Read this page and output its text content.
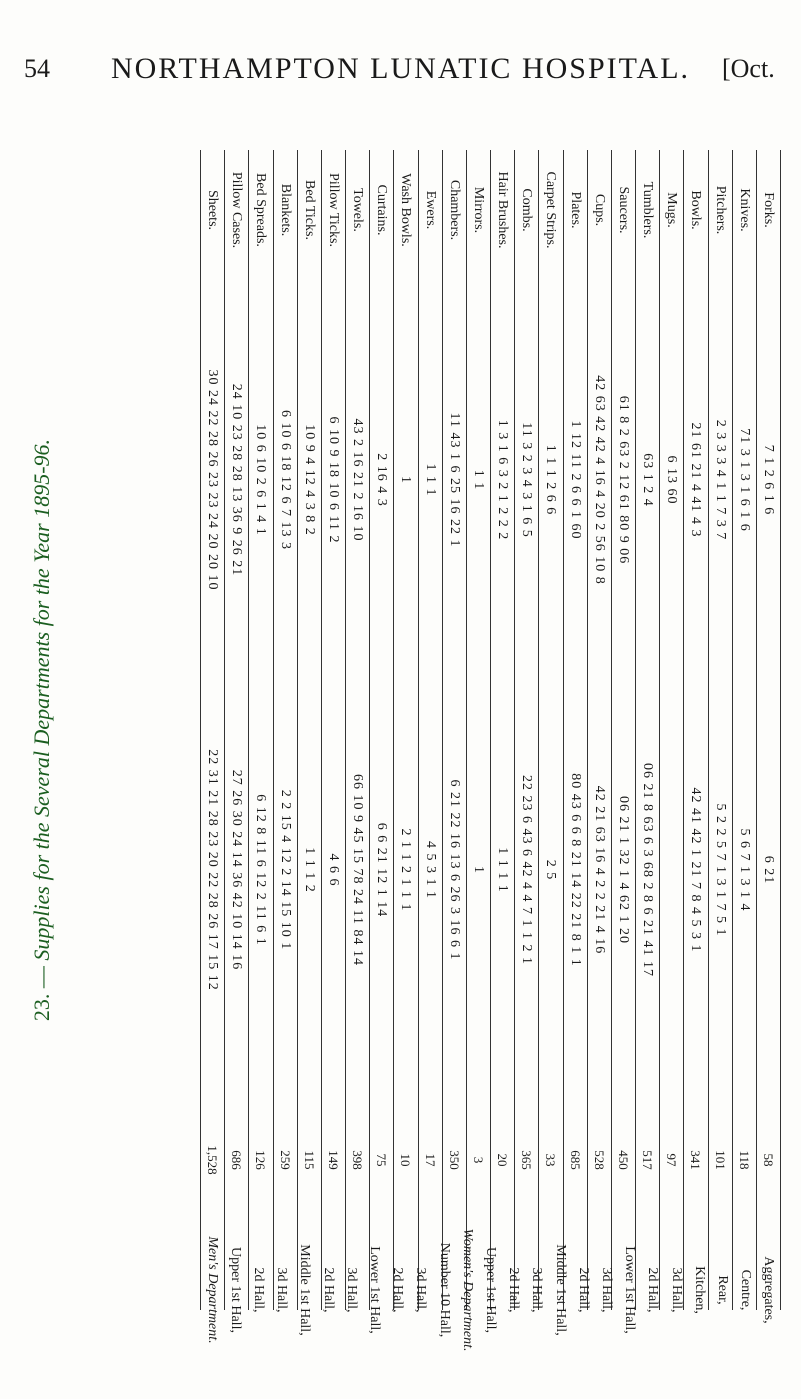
54	NORTHAMPTON LUNATIC HOSPITAL.	[Oct.
23. — Supplies for the Several Departments for the Year 1895-96.
Sheets.
30 24 22 28 26 23 23 24 20 20 10
22 31 21 28 23 20 22 28 26 17 15 12
1,528
Pillow Cases.
24 10 23 28 28 13 36 9 26 21
27 26 30 24 14 36 42 10 14 16
686
Bed Spreads.
10 6 10 2 6 1 4 1
6 12 8 11 6 12 2 11 6 1
126
Blankets.
6 10 6 18 12 6 7 13 3
2 2 15 4 12 2 14 15 10 1
259
Bed Ticks.
10 9 4 12 4 3 8 2
1 1 1 2
115
Pillow Ticks.
6 10 9 18 10 6 11 2
4 6 6
149
Towels.
43 2 16 21 2 16 10
66 10 9 45 15 78 24 11 84 14
398
Curtains.
2 16 4 3
6 6 21 12 1 14
75
Wash Bowls.
1
2 1 1 2 1 1 1
10
Ewers.
1 1 1
4 5 3 1 1
17
Chambers.
11 43 1 6 25 16 22 1
6 21 22 16 13 6 26 3 16 6 1
350
Mirrors.
1 1
1
3
Hair Brushes.
1 3 1 6 3 2 1 2 2 2
1 1 1 1
20
Combs.
11 3 2 3 4 3 1 6 5
22 23 6 43 6 42 4 4 7 1 1 2 1
365
Carpet Strips.
1 1 1 2 6 6
2 5
33
Plates.
1 12 11 2 6 6 1 60
80 43 6 6 8 21 14 22 21 8 1 1
685
Cups.
42 63 42 42 4 16 4 20 2 56 10 8
42 21 63 16 4 2 2 21 4 16
528
Saucers.
61 8 2 63 2 12 61 80 9 06
06 21 1 32 1 4 62 1 20
450
Tumblers.
63 1 2 4
06 21 8 63 6 3 68 2 8 6 21 41 17
517
Mugs.
6 13 60
97
Bowls.
21 61 21 4 41 4 3
42 41 42 1 21 7 8 4 5 3 1
341
Pitchers.
2 3 3 3 4 1 1 7 3 7
5 2 2 5 7 1 3 1 7 5 1
101
Knives.
71 3 1 3 1 6 1 6
5 6 7 1 3 1 4
118
Forks.
7 1 2 6 1 6
6 21
58
Men's Department. Upper 1st Hall, 2d Hall, 3d Hall, Middle 1st Hall, 2d Hall, 3d Hall, Lower 1st Hall, 2d Hall, 3d Hall, Number 10 Hall, Women's Department. Upper 1st Hall, 2d Hall, 3d Hall, Middle 1st Hall, 2d Hall, 3d Hall, Lower 1st Hall, 2d Hall, 3d Hall, Kitchen, Rear, Centre, Aggregates,
